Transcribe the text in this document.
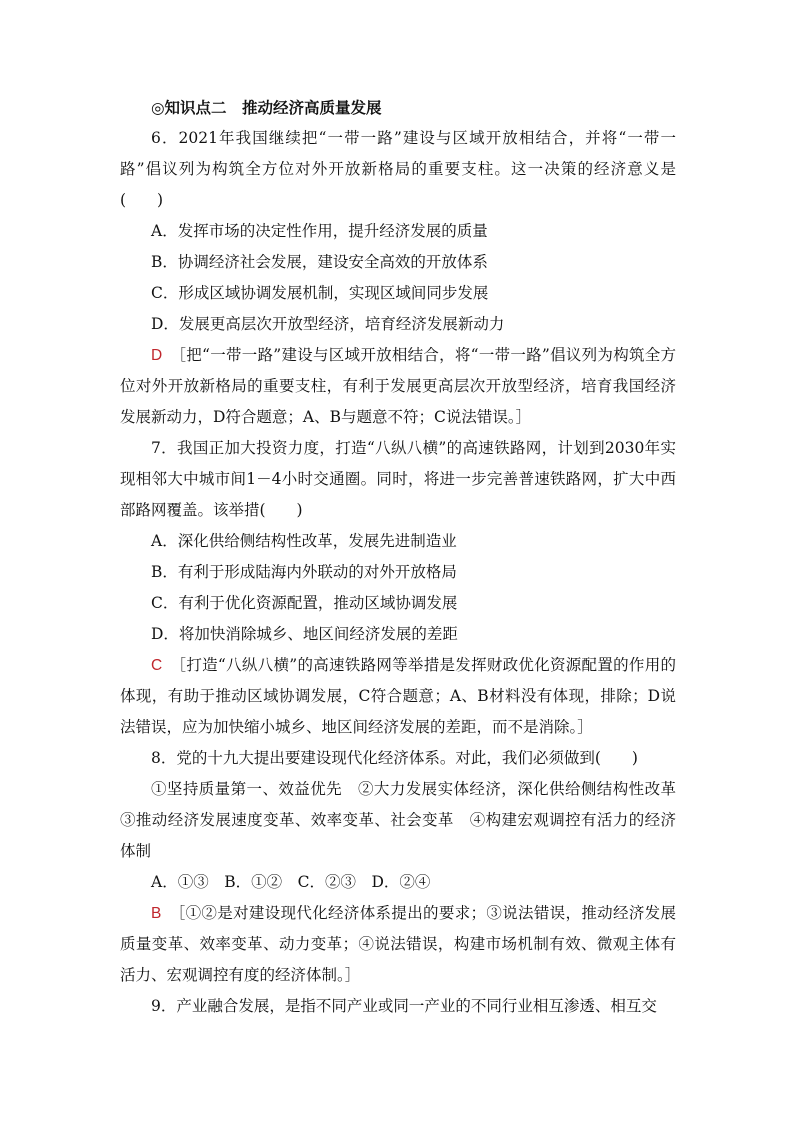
◎知识点二　推动经济高质量发展

6．2021年我国继续把“一带一路”建设与区域开放相结合，并将“一带一路”倡议列为构筑全方位对外开放新格局的重要支柱。这一决策的经济意义是(　　)

A．发挥市场的决定性作用，提升经济发展的质量

B．协调经济社会发展，建设安全高效的开放体系

C．形成区域协调发展机制，实现区域间同步发展

D．发展更高层次开放型经济，培育经济发展新动力

D　 ［把“一带一路”建设与区域开放相结合，将“一带一路”倡议列为构筑全方位对外开放新格局的重要支柱，有利于发展更高层次开放型经济，培育我国经济发展新动力，D符合题意；A、B与题意不符；C说法错误。］

7．我国正加大投资力度，打造“八纵八横”的高速铁路网，计划到2030年实现相邻大中城市间1－4小时交通圈。同时，将进一步完善普速铁路网，扩大中西部路网覆盖。该举措(　　)

A．深化供给侧结构性改革，发展先进制造业

B．有利于形成陆海内外联动的对外开放格局

C．有利于优化资源配置，推动区域协调发展

D．将加快消除城乡、地区间经济发展的差距

C　 ［打造“八纵八横”的高速铁路网等举措是发挥财政优化资源配置的作用的体现，有助于推动区域协调发展，C符合题意；A、B材料没有体现，排除；D说法错误，应为加快缩小城乡、地区间经济发展的差距，而不是消除。］

8．党的十九大提出要建设现代化经济体系。对此，我们必须做到(　　)

①坚持质量第一、效益优先　②大力发展实体经济，深化供给侧结构性改革　③推动经济发展速度变革、效率变革、社会变革　④构建宏观调控有活力的经济体制

A．①③　B．①②　C．②③　D．②④

B　 ［①②是对建设现代化经济体系提出的要求；③说法错误，推动经济发展质量变革、效率变革、动力变革；④说法错误，构建市场机制有效、微观主体有活力、宏观调控有度的经济体制。］

9．产业融合发展，是指不同产业或同一产业的不同行业相互渗透、相互交
